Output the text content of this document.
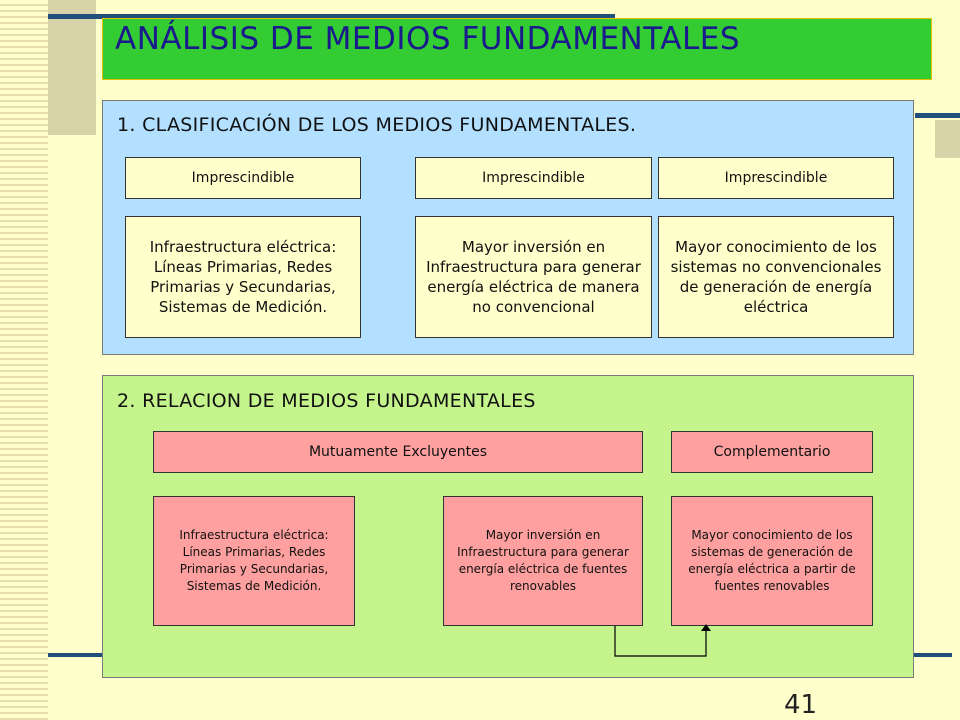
ANÁLISIS DE MEDIOS FUNDAMENTALES
1. CLASIFICACIÓN DE LOS MEDIOS FUNDAMENTALES.
Imprescindible	Imprescindible	Imprescindible
Infraestructura eléctrica: Líneas Primarias, Redes Primarias y Secundarias, Sistemas de Medición.
Mayor inversión en Infraestructura para generar energía eléctrica de manera no convencional
Mayor conocimiento de los sistemas no convencionales de generación de energía eléctrica
2. RELACION DE MEDIOS FUNDAMENTALES
Mutuamente Excluyentes	Complementario
Infraestructura eléctrica: Líneas Primarias, Redes Primarias y Secundarias, Sistemas de Medición.
Mayor inversión en Infraestructura para generar energía eléctrica de fuentes renovables
Mayor conocimiento de los sistemas de generación de energía eléctrica a partir de fuentes renovables
41
